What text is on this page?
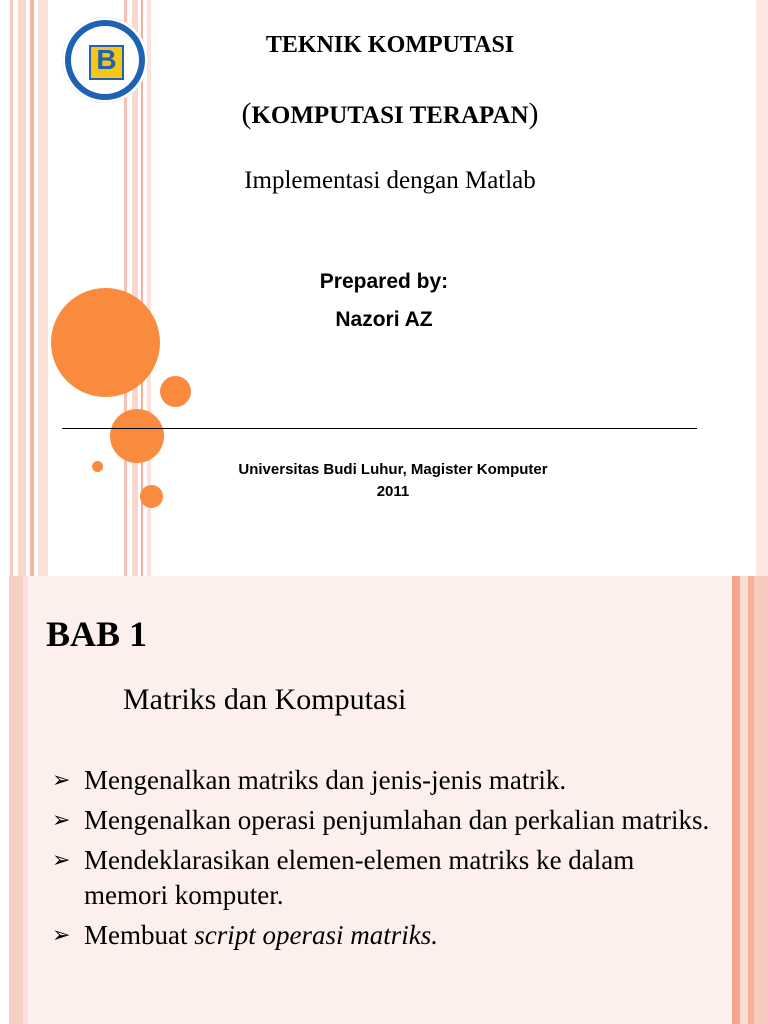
B	TEKNIK KOMPUTASI
(KOMPUTASI TERAPAN)
Implementasi dengan Matlab
Prepared by:
Nazori AZ
Universitas Budi Luhur, Magister Komputer
2011
BAB 1
Matriks dan Komputasi
➢ Mengenalkan matriks dan jenis-jenis matrik.
➢ Mengenalkan operasi penjumlahan dan perkalian matriks.
➢ Mendeklarasikan elemen-elemen matriks ke dalam memori komputer.
➢ Membuat script operasi matriks.
